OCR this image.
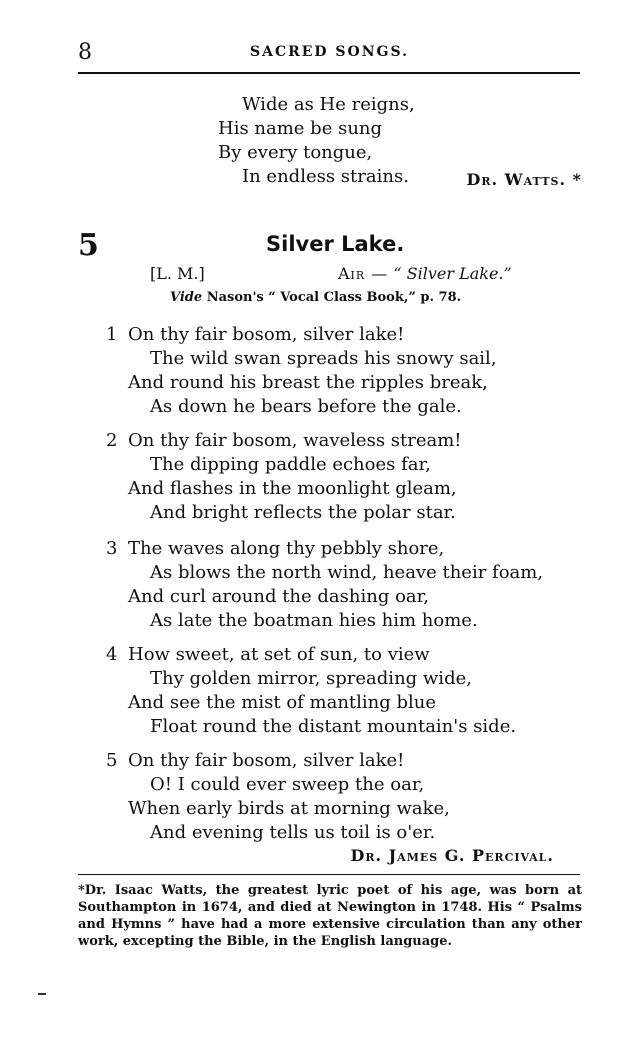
8	SACRED SONGS.
Wide as He reigns,
His name be sung
By every tongue,
In endless strains.	Dr. Watts. *
5	Silver Lake.
[L. M.]	Air — “ Silver Lake.”
Vide Nason's “ Vocal Class Book,” p. 78.
1 On thy fair bosom, silver lake!
The wild swan spreads his snowy sail,
And round his breast the ripples break,
As down he bears before the gale.
2 On thy fair bosom, waveless stream!
The dipping paddle echoes far,
And flashes in the moonlight gleam,
And bright reflects the polar star.
3 The waves along thy pebbly shore,
As blows the north wind, heave their foam,
And curl around the dashing oar,
As late the boatman hies him home.
4 How sweet, at set of sun, to view
Thy golden mirror, spreading wide,
And see the mist of mantling blue
Float round the distant mountain's side.
5 On thy fair bosom, silver lake!
O! I could ever sweep the oar,
When early birds at morning wake,
And evening tells us toil is o'er.
Dr. James G. Percival.
*Dr. Isaac Watts, the greatest lyric poet of his age, was born at
Southampton in 1674, and died at Newington in 1748. His “ Psalms
and Hymns ” have had a more extensive circulation than any other
work, excepting the Bible, in the English language.
